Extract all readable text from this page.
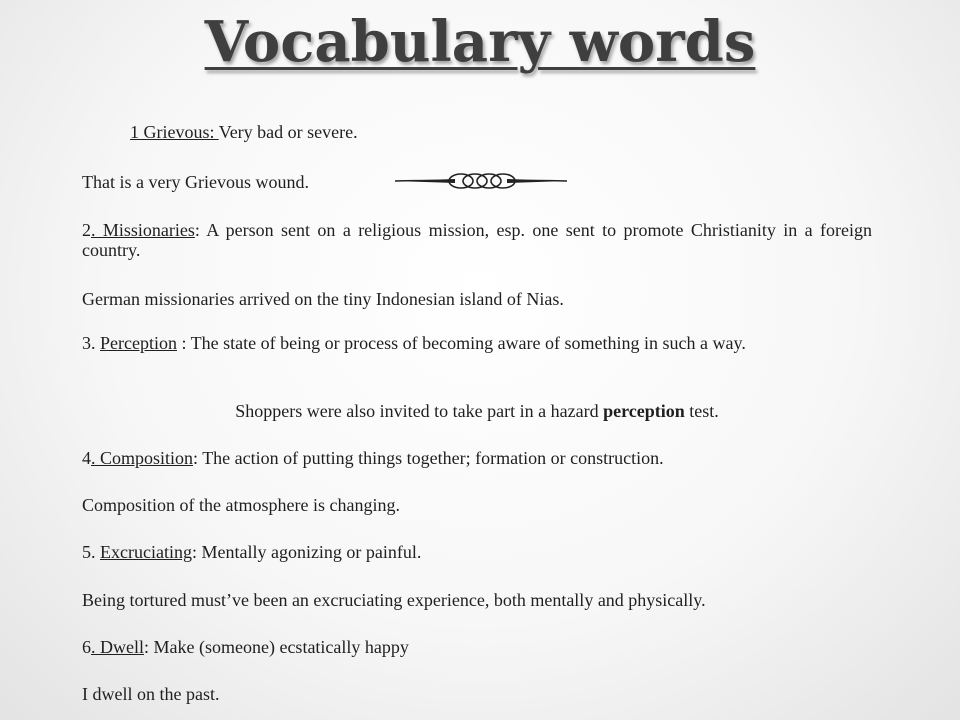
Vocabulary words

1 Grievous: Very bad or severe.

That is a very Grievous wound.

2. Missionaries: A person sent on a religious mission, esp. one sent to promote Christianity in a foreign country.

German missionaries arrived on the tiny Indonesian island of Nias.

3. Perception : The state of being or process of becoming aware of something in such a way.

Shoppers were also invited to take part in a hazard perception test.

4. Composition: The action of putting things together; formation or construction.

Composition of the atmosphere is changing.

5. Excruciating: Mentally agonizing or painful.

Being tortured must’ve been an excruciating experience, both mentally and physically.

6. Dwell: Make (someone) ecstatically happy

I dwell on the past.
